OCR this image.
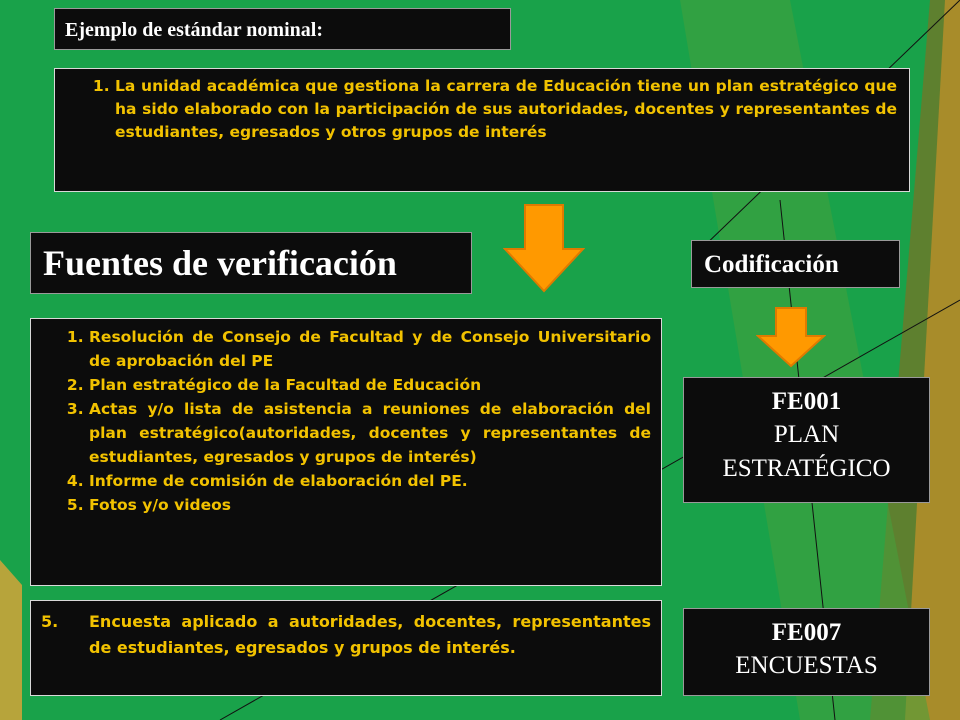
Ejemplo de estándar nominal:
1. La unidad académica que gestiona la carrera de Educación tiene un plan estratégico que ha sido elaborado con la participación de sus autoridades, docentes y representantes de estudiantes, egresados y otros grupos de interés
Fuentes de verificación	Codificación
1. Resolución de Consejo de Facultad y de Consejo Universitario de aprobación del PE
2. Plan estratégico de la Facultad de Educación
3. Actas y/o lista de asistencia a reuniones de elaboración del plan estratégico(autoridades, docentes y representantes de estudiantes, egresados y grupos de interés)
4. Informe de comisión de elaboración del PE.
5. Fotos y/o videos
5.	Encuesta aplicado a autoridades, docentes, representantes de estudiantes, egresados y grupos de interés.
FE001
PLAN
ESTRATÉGICO
FE007
ENCUESTAS
